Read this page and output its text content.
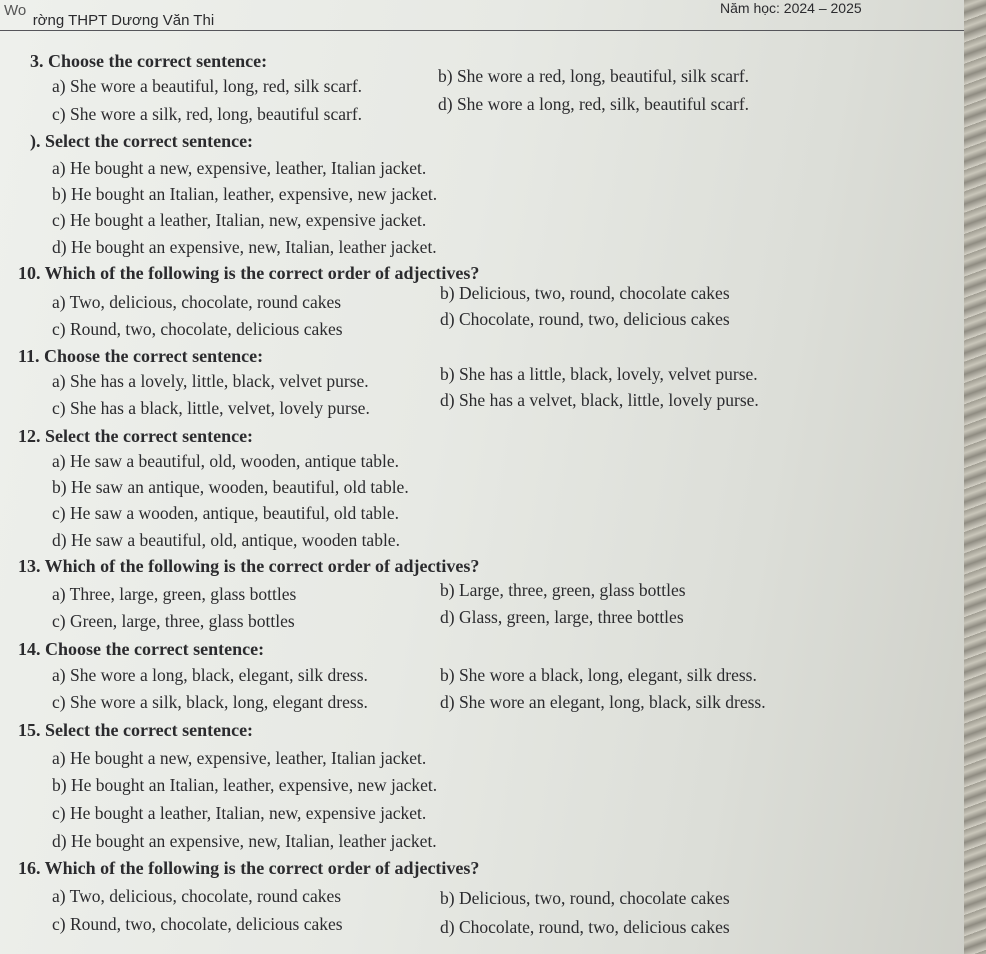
Wo rờng THPT Dương Văn Thi
Năm học: 2024 – 2025
3. Choose the correct sentence:
a) She wore a beautiful, long, red, silk scarf.	b) She wore a red, long, beautiful, silk scarf.
c) She wore a silk, red, long, beautiful scarf.	d) She wore a long, red, silk, beautiful scarf.
). Select the correct sentence:
a) He bought a new, expensive, leather, Italian jacket.
b) He bought an Italian, leather, expensive, new jacket.
c) He bought a leather, Italian, new, expensive jacket.
d) He bought an expensive, new, Italian, leather jacket.
10. Which of the following is the correct order of adjectives?
a) Two, delicious, chocolate, round cakes	b) Delicious, two, round, chocolate cakes
c) Round, two, chocolate, delicious cakes	d) Chocolate, round, two, delicious cakes
11. Choose the correct sentence:
a) She has a lovely, little, black, velvet purse.	b) She has a little, black, lovely, velvet purse.
c) She has a black, little, velvet, lovely purse.	d) She has a velvet, black, little, lovely purse.
12. Select the correct sentence:
a) He saw a beautiful, old, wooden, antique table.
b) He saw an antique, wooden, beautiful, old table.
c) He saw a wooden, antique, beautiful, old table.
d) He saw a beautiful, old, antique, wooden table.
13. Which of the following is the correct order of adjectives?
a) Three, large, green, glass bottles	b) Large, three, green, glass bottles
c) Green, large, three, glass bottles	d) Glass, green, large, three bottles
14. Choose the correct sentence:
a) She wore a long, black, elegant, silk dress.	b) She wore a black, long, elegant, silk dress.
c) She wore a silk, black, long, elegant dress.	d) She wore an elegant, long, black, silk dress.
15. Select the correct sentence:
a) He bought a new, expensive, leather, Italian jacket.
b) He bought an Italian, leather, expensive, new jacket.
c) He bought a leather, Italian, new, expensive jacket.
d) He bought an expensive, new, Italian, leather jacket.
16. Which of the following is the correct order of adjectives?
a) Two, delicious, chocolate, round cakes	b) Delicious, two, round, chocolate cakes
c) Round, two, chocolate, delicious cakes	d) Chocolate, round, two, delicious cakes
